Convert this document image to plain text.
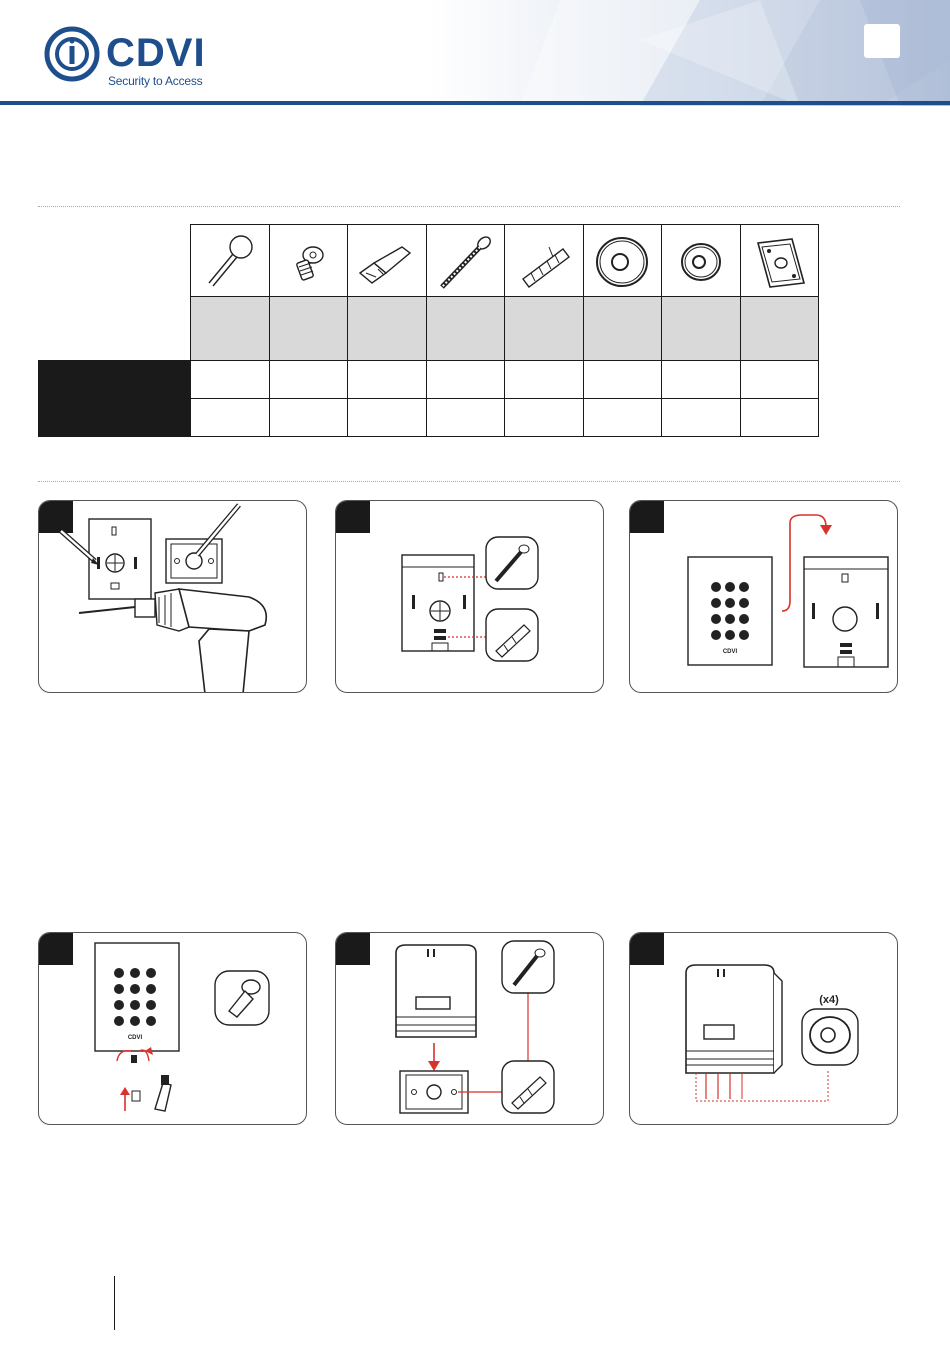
CDVI
Security to Access

CDVI
CDVI
(x4)
